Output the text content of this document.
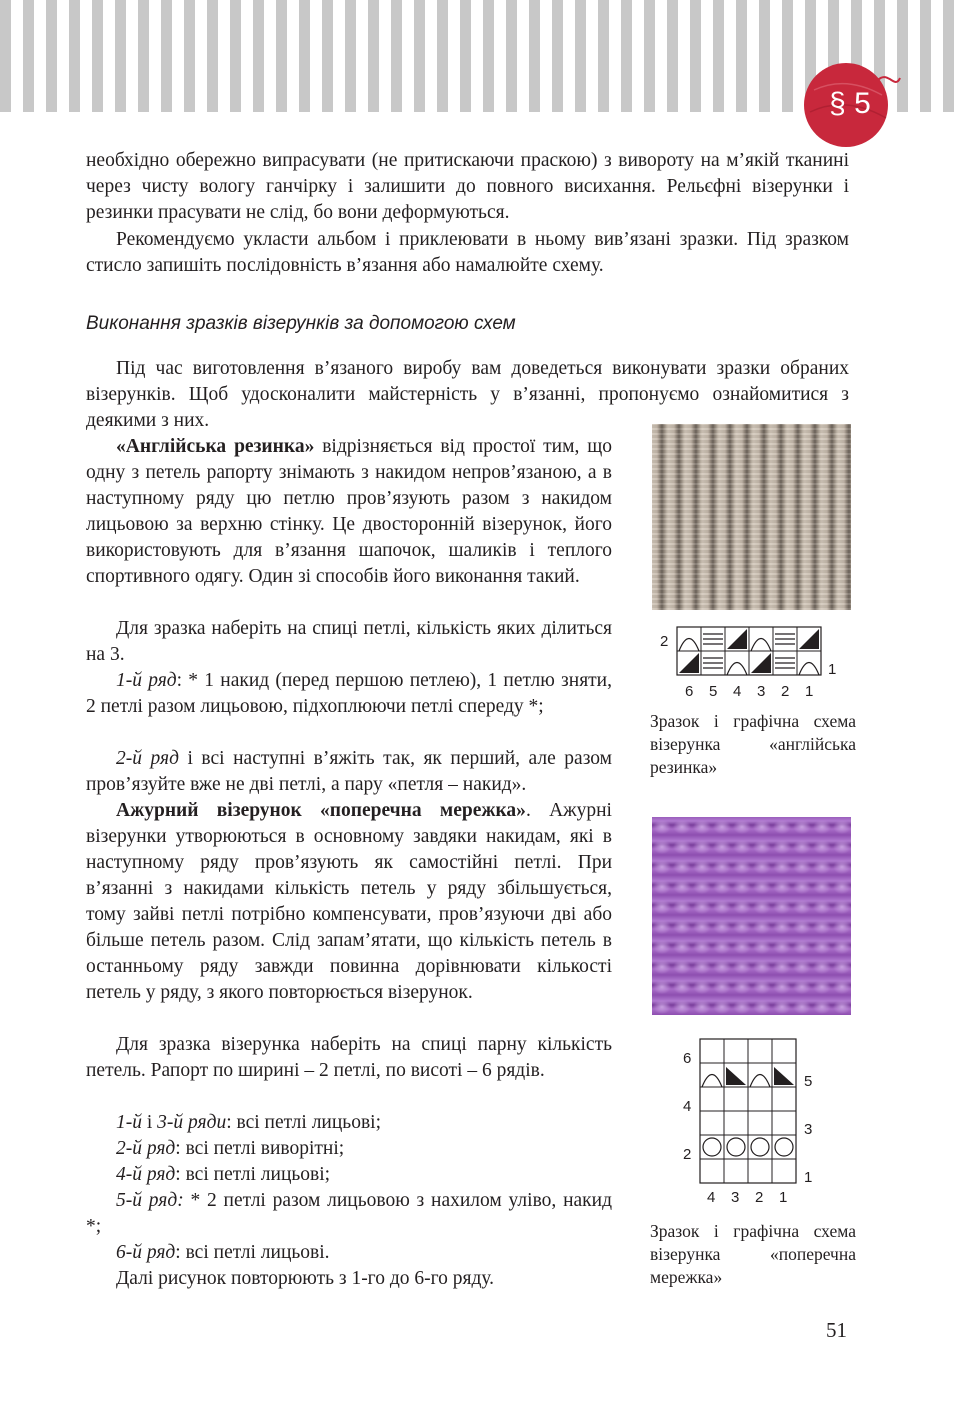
§ 5

необхідно обережно випрасувати (не притискаючи праскою) з вивороту на м’якій тканині через чисту вологу ганчірку і залишити до повного висихання. Рельєфні візерунки і резинки прасувати не слід, бо вони деформуються.

Рекомендуємо укласти альбом і приклеювати в ньому вив’язані зразки. Під зразком стисло запишіть послідовність в’язання або намалюйте схему.

Виконання зразків візерунків за допомогою схем

Під час виготовлення в’язаного виробу вам доведеться виконувати зразки обраних візерунків. Щоб удосконалити майстерність у в’язанні, пропонуємо ознайомитися з деякими з них.

«Англійська резинка» відрізняється від простої тим, що одну з петель рапорту знімають з накидом непров’язаною, а в наступному ряду цю петлю пров’язують разом з накидом лицьовою за верхню стінку. Це двосторонній візерунок, його використовують для в’язання шапочок, шаликів і теплого спортивного одягу. Один зі способів його виконання такий.

Для зразка наберіть на спиці петлі, кількість яких ділиться на 3.

1-й ряд: * 1 накид (перед першою петлею), 1 петлю зняти, 2 петлі разом лицьовою, підхоплюючи петлі спереду *;

2-й ряд і всі наступні в’яжіть так, як перший, але разом пров’язуйте вже не дві петлі, а пару «петля – накид».

Ажурний візерунок «поперечна мережка». Ажурні візерунки утворюються в основному завдяки накидам, які в наступному ряду пров’язують як самостійні петлі. При в’язанні з накидами кількість петель у ряду збільшується, тому зайві петлі потрібно компенсувати, пров’язуючи дві або більше петель разом. Слід запам’ятати, що кількість петель в останньому ряду завжди повинна дорівнювати кількості петель у ряду, з якого повторюється візерунок.

Для зразка візерунка наберіть на спиці парну кількість петель. Рапорт по ширині – 2 петлі, по висоті – 6 рядів.

1-й і 3-й ряди: всі петлі лицьові;

2-й ряд: всі петлі виворітні;

4-й ряд: всі петлі лицьові;

5-й ряд: * 2 петлі разом лицьовою з нахилом уліво, накид *;

6-й ряд: всі петлі лицьові.

Далі рисунок повторюють з 1-го до 6-го ряду.

2
1
6 5 4 3 2 1

Зразок і графічна схема візерунка «англійська резинка»

6
4
2
5
3
1
4 3 2 1

Зразок і графічна схема візерунка «поперечна мережка»

51
